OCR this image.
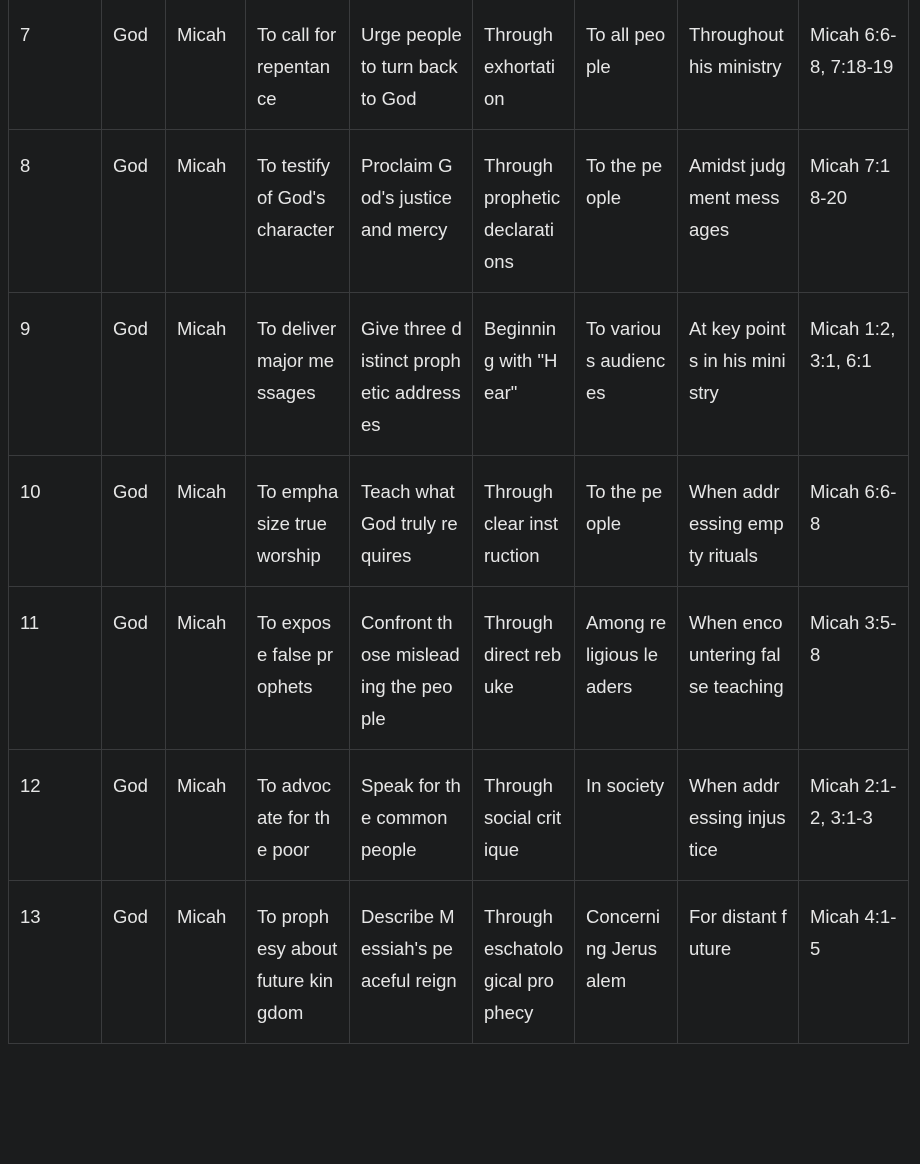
7	God	Micah	To call for repentance	Urge people to turn back to God	Through exhortation	To all people	Throughout his ministry	Micah 6:6-8, 7:18-19
8	God	Micah	To testify of God's character	Proclaim God's justice and mercy	Through prophetic declarations	To the people	Amidst judgment messages	Micah 7:18-20
9	God	Micah	To deliver major messages	Give three distinct prophetic addresses	Beginning with "Hear"	To various audiences	At key points in his ministry	Micah 1:2, 3:1, 6:1
10	God	Micah	To emphasize true worship	Teach what God truly requires	Through clear instruction	To the people	When addressing empty rituals	Micah 6:6-8
11	God	Micah	To expose false prophets	Confront those misleading the people	Through direct rebuke	Among religious leaders	When encountering false teaching	Micah 3:5-8
12	God	Micah	To advocate for the poor	Speak for the common people	Through social critique	In society	When addressing injustice	Micah 2:1-2, 3:1-3
13	God	Micah	To prophesy about future kingdom	Describe Messiah's peaceful reign	Through eschatological prophecy	Concerning Jerusalem	For distant future	Micah 4:1-5
